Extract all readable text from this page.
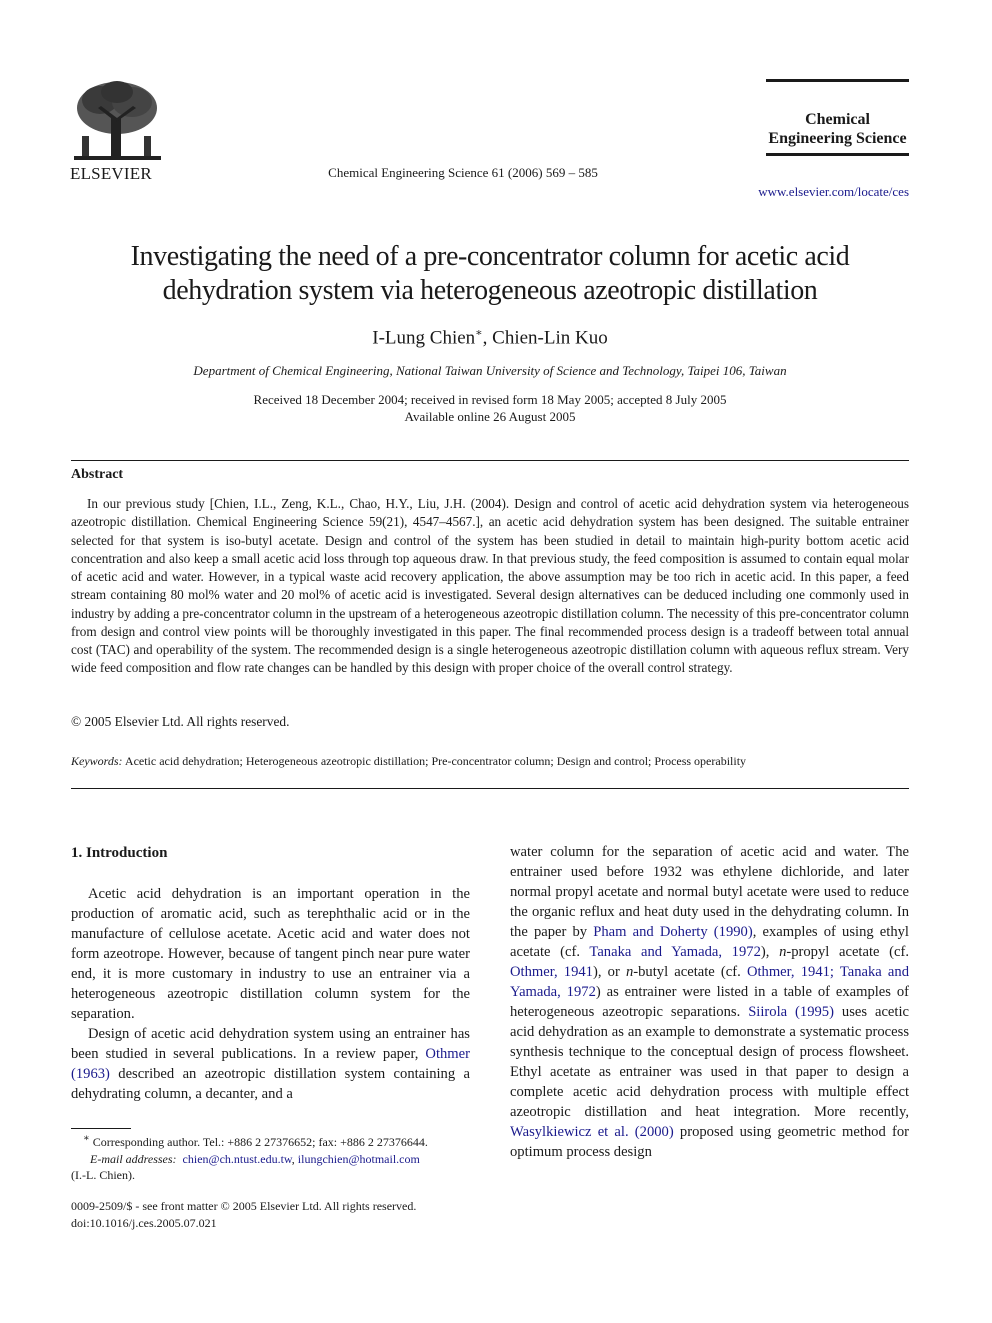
ELSEVIER	Chemical Engineering Science 61 (2006) 569 – 585
Chemical
Engineering Science
www.elsevier.com/locate/ces
Investigating the need of a pre-concentrator column for acetic acid
dehydration system via heterogeneous azeotropic distillation
I-Lung Chien∗, Chien-Lin Kuo
Department of Chemical Engineering, National Taiwan University of Science and Technology, Taipei 106, Taiwan
Received 18 December 2004; received in revised form 18 May 2005; accepted 8 July 2005
Available online 26 August 2005
Abstract
In our previous study [Chien, I.L., Zeng, K.L., Chao, H.Y., Liu, J.H. (2004). Design and control of acetic acid dehydration system via heterogeneous azeotropic distillation. Chemical Engineering Science 59(21), 4547–4567.], an acetic acid dehydration system has been designed. The suitable entrainer selected for that system is iso-butyl acetate. Design and control of the system has been studied in detail to maintain high-purity bottom acetic acid concentration and also keep a small acetic acid loss through top aqueous draw. In that previous study, the feed composition is assumed to contain equal molar of acetic acid and water. However, in a typical waste acid recovery application, the above assumption may be too rich in acetic acid. In this paper, a feed stream containing 80 mol% water and 20 mol% of acetic acid is investigated. Several design alternatives can be deduced including one commonly used in industry by adding a pre-concentrator column in the upstream of a heterogeneous azeotropic distillation column. The necessity of this pre-concentrator column from design and control view points will be thoroughly investigated in this paper. The final recommended process design is a tradeoff between total annual cost (TAC) and operability of the system. The recommended design is a single heterogeneous azeotropic distillation column with aqueous reflux stream. Very wide feed composition and flow rate changes can be handled by this design with proper choice of the overall control strategy.
© 2005 Elsevier Ltd. All rights reserved.
Keywords: Acetic acid dehydration; Heterogeneous azeotropic distillation; Pre-concentrator column; Design and control; Process operability
1. Introduction

Acetic acid dehydration is an important operation in the production of aromatic acid, such as terephthalic acid or in the manufacture of cellulose acetate. Acetic acid and water does not form azeotrope. However, because of tangent pinch near pure water end, it is more customary in industry to use an entrainer via a heterogeneous azeotropic distillation column system for the separation.

Design of acetic acid dehydration system using an entrainer has been studied in several publications. In a review paper, Othmer (1963) described an azeotropic distillation system containing a dehydrating column, a decanter, and a

water column for the separation of acetic acid and water. The entrainer used before 1932 was ethylene dichloride, and later normal propyl acetate and normal butyl acetate were used to reduce the organic reflux and heat duty used in the dehydrating column. In the paper by Pham and Doherty (1990), examples of using ethyl acetate (cf. Tanaka and Yamada, 1972), n-propyl acetate (cf. Othmer, 1941), or n-butyl acetate (cf. Othmer, 1941; Tanaka and Yamada, 1972) as entrainer were listed in a table of examples of heterogeneous azeotropic separations. Siirola (1995) uses acetic acid dehydration as an example to demonstrate a systematic process synthesis technique to the conceptual design of process flowsheet. Ethyl acetate as entrainer was used in that paper to design a complete acetic acid dehydration process with multiple effect azeotropic distillation and heat integration. More recently, Wasylkiewicz et al. (2000) proposed using geometric method for optimum process design

∗ Corresponding author. Tel.: +886 2 27376652; fax: +886 2 27376644.
E-mail addresses: chien@ch.ntust.edu.tw, ilungchien@hotmail.com
(I.-L. Chien).
0009-2509/$ - see front matter © 2005 Elsevier Ltd. All rights reserved.
doi:10.1016/j.ces.2005.07.021
